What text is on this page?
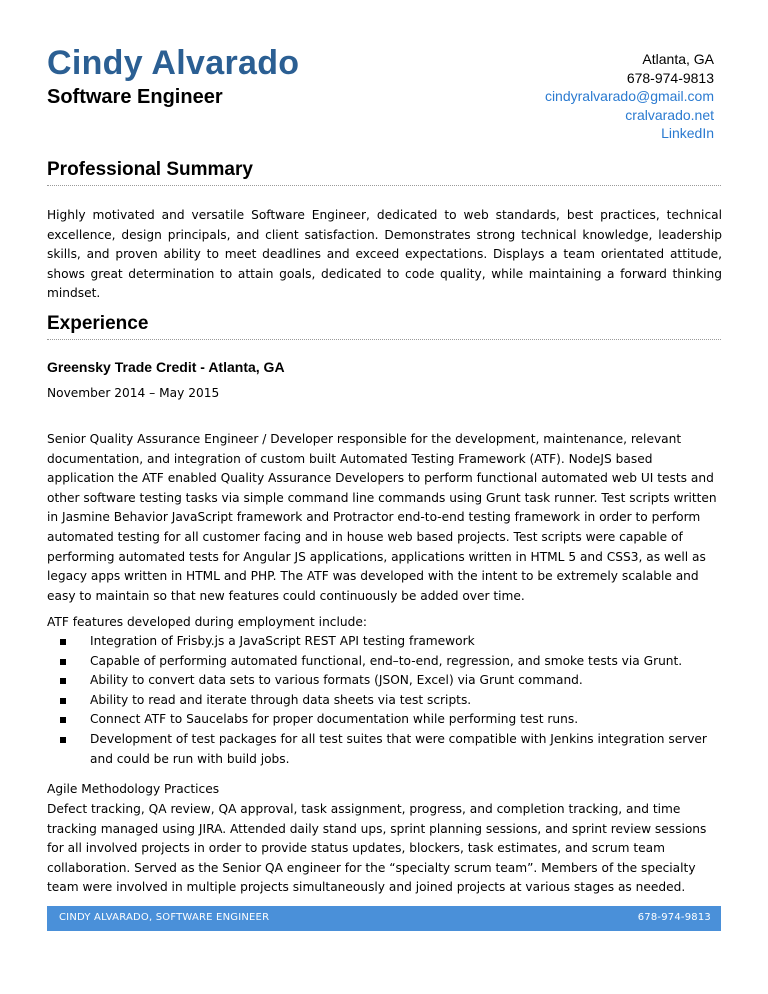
Cindy Alvarado
Software Engineer
Atlanta, GA
678-974-9813
cindyralvarado@gmail.com
cralvarado.net
LinkedIn
Professional Summary
Highly motivated and versatile Software Engineer, dedicated to web standards, best practices, technical excellence, design principals, and client satisfaction. Demonstrates strong technical knowledge, leadership skills, and proven ability to meet deadlines and exceed expectations. Displays a team orientated attitude, shows great determination to attain goals, dedicated to code quality, while maintaining a forward thinking mindset.
Experience
Greensky Trade Credit - Atlanta, GA
November 2014 – May 2015
Senior Quality Assurance Engineer / Developer responsible for the development, maintenance, relevant documentation, and integration of custom built Automated Testing Framework (ATF). NodeJS based application the ATF enabled Quality Assurance Developers to perform functional automated web UI tests and other software testing tasks via simple command line commands using Grunt task runner. Test scripts written in Jasmine Behavior JavaScript framework and Protractor end-to-end testing framework in order to perform automated testing for all customer facing and in house web based projects. Test scripts were capable of performing automated tests for Angular JS applications, applications written in HTML 5 and CSS3, as well as legacy apps written in HTML and PHP. The ATF was developed with the intent to be extremely scalable and easy to maintain so that new features could continuously be added over time.
ATF features developed during employment include:
Integration of Frisby.js a JavaScript REST API testing framework
Capable of performing automated functional, end–to-end, regression, and smoke tests via Grunt.
Ability to convert data sets to various formats (JSON, Excel) via Grunt command.
Ability to read and iterate through data sheets via test scripts.
Connect ATF to Saucelabs for proper documentation while performing test runs.
Development of test packages for all test suites that were compatible with Jenkins integration server and could be run with build jobs.
Agile Methodology Practices
Defect tracking, QA review, QA approval, task assignment, progress, and completion tracking, and time tracking managed using JIRA. Attended daily stand ups, sprint planning sessions, and sprint review sessions for all involved projects in order to provide status updates, blockers, task estimates, and scrum team collaboration. Served as the Senior QA engineer for the “specialty scrum team”. Members of the specialty team were involved in multiple projects simultaneously and joined projects at various stages as needed.
CINDY ALVARADO, SOFTWARE ENGINEER	678-974-9813
